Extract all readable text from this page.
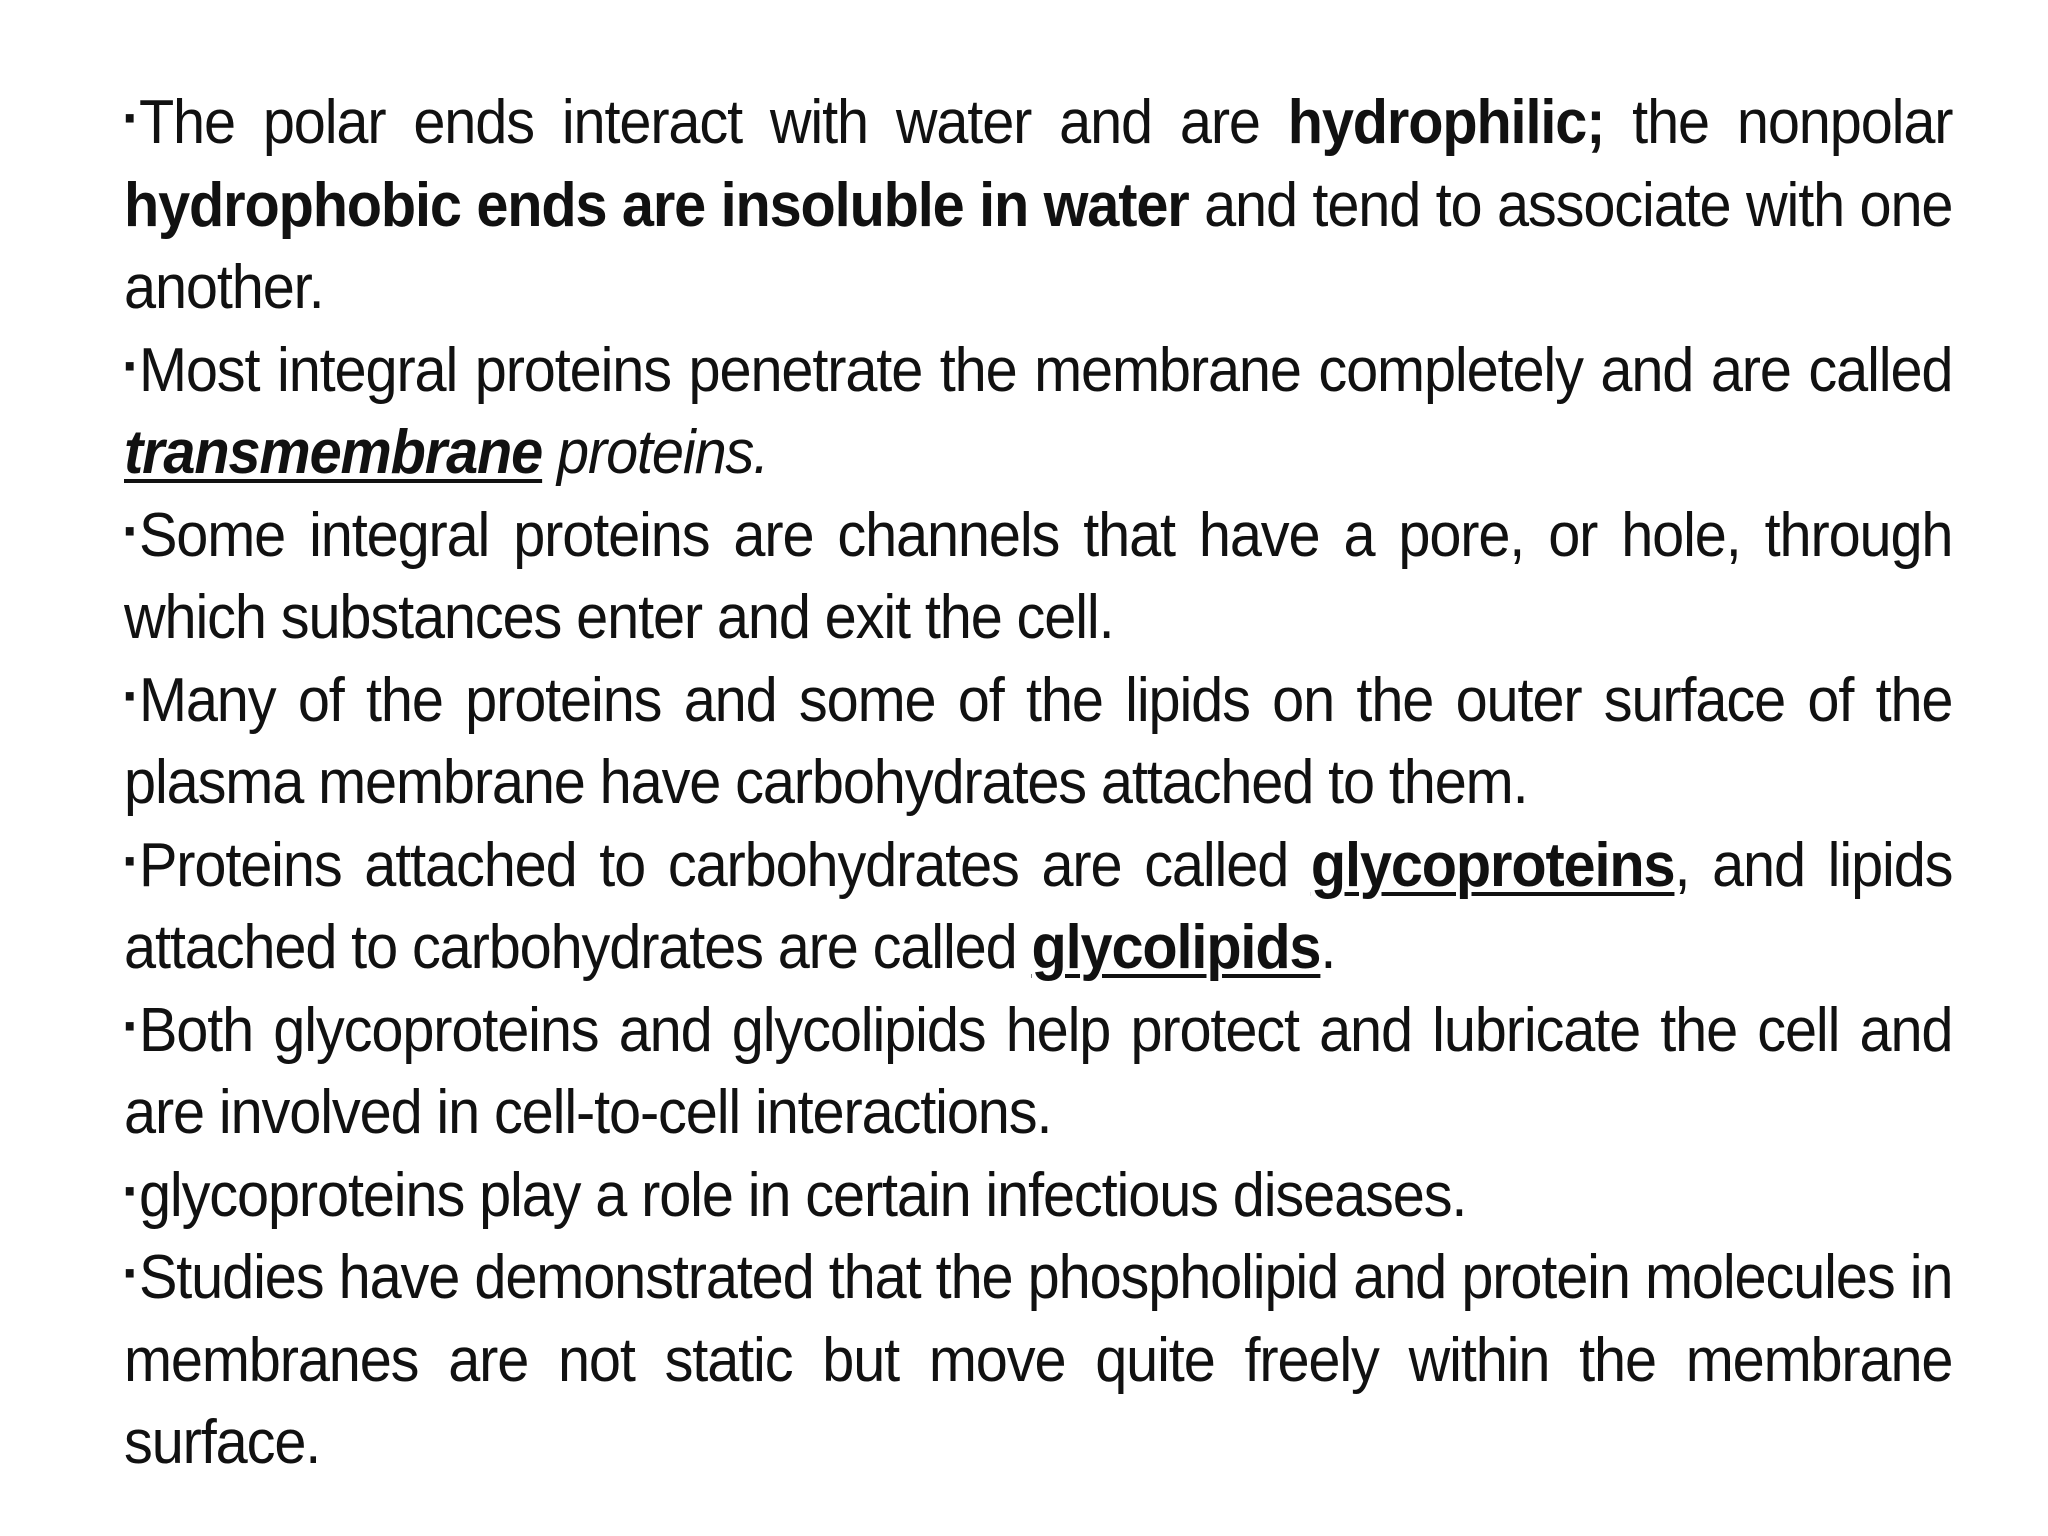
▪The polar ends interact with water and are hydrophilic; the nonpolar hydrophobic ends are insoluble in water and tend to associate with one another.

▪Most integral proteins penetrate the membrane completely and are called transmembrane proteins.

▪Some integral proteins are channels that have a pore, or hole, through which substances enter and exit the cell.

▪Many of the proteins and some of the lipids on the outer surface of the plasma membrane have carbohydrates attached to them.

▪Proteins attached to carbohydrates are called glycoproteins, and lipids attached to carbohydrates are called glycolipids.

▪Both glycoproteins and glycolipids help protect and lubricate the cell and are involved in cell-to-cell interactions.

▪glycoproteins play a role in certain infectious diseases.

▪Studies have demonstrated that the phospholipid and protein molecules in membranes are not static but move quite freely within the membrane surface.
